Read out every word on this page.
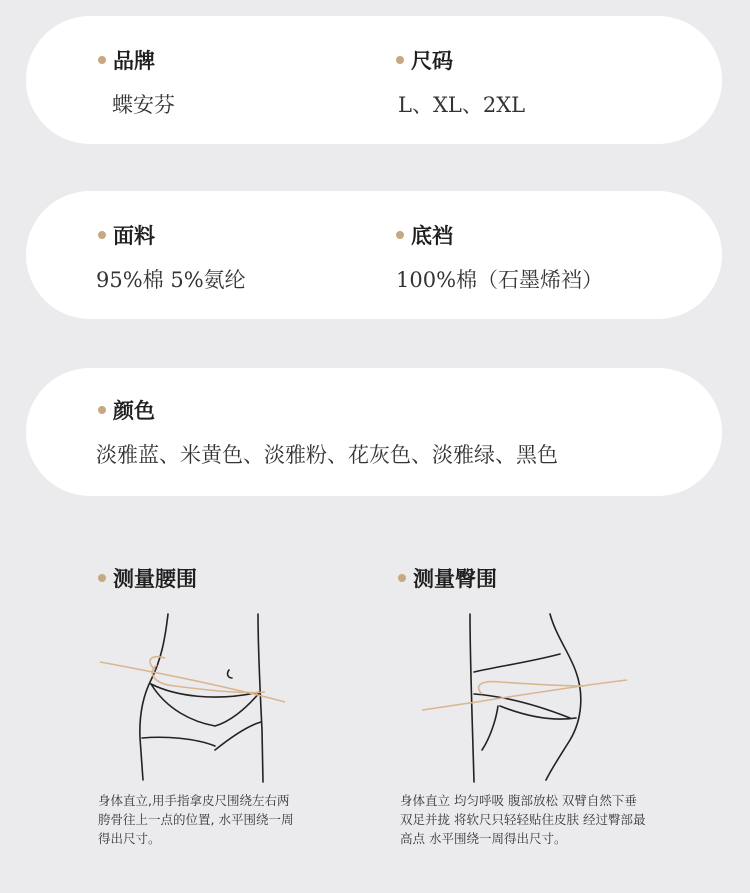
品牌
蝶安芬
尺码
L、XL、2XL
面料
95%棉 5%氨纶
底裆
100%棉（石墨烯裆）
颜色
淡雅蓝、米黄色、淡雅粉、花灰色、淡雅绿、黑色
测量腰围	测量臀围
身体直立,用手指拿皮尺围绕左右两
胯骨往上一点的位置, 水平围绕一周
得出尺寸。
身体直立 均匀呼吸 腹部放松 双臂自然下垂
双足并拢 将软尺只轻轻贴住皮肤 经过臀部最
高点 水平围绕一周得出尺寸。
